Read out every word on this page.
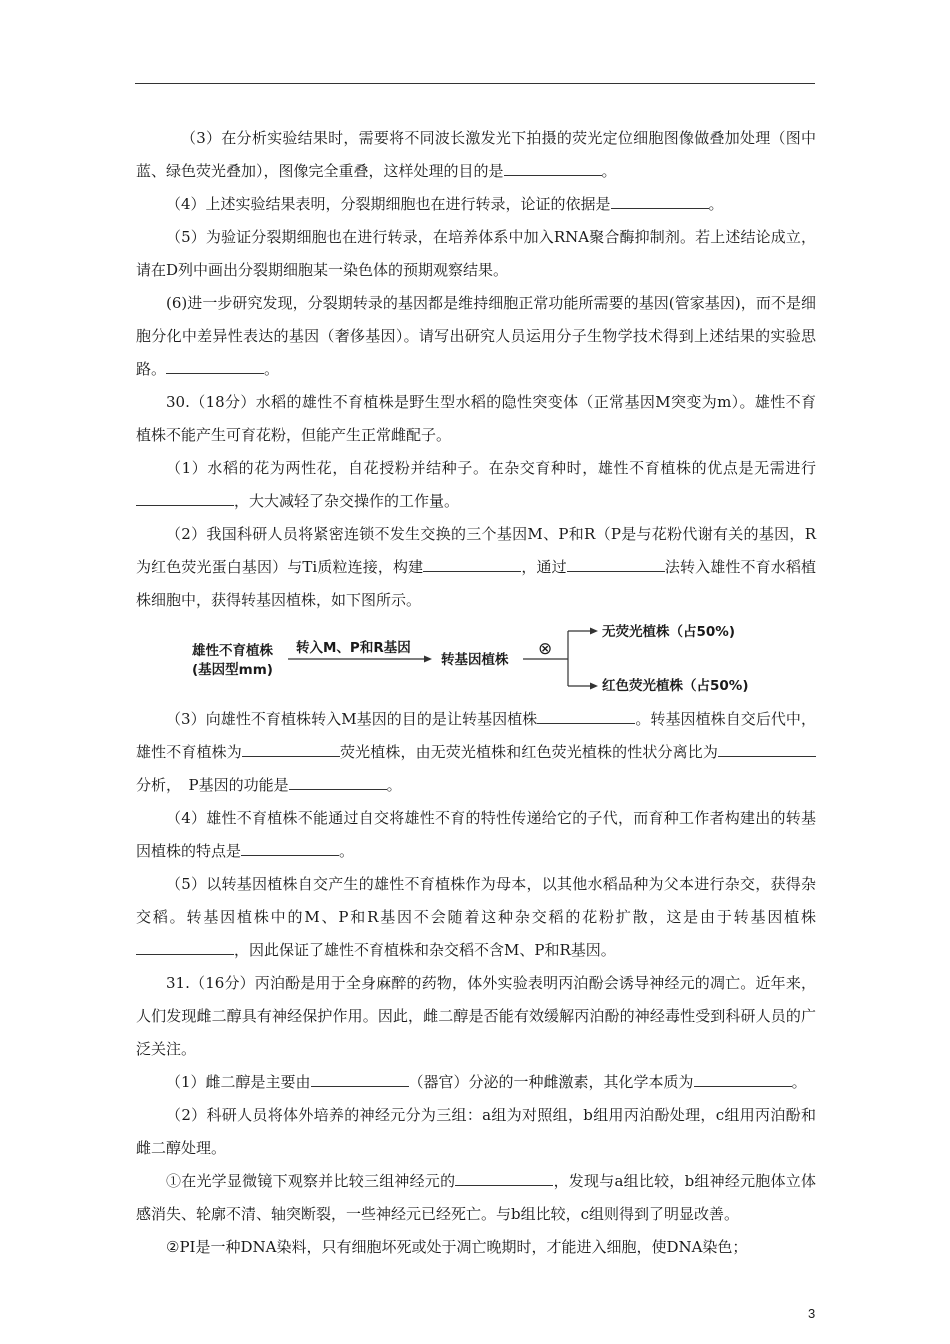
（3）在分析实验结果时，需要将不同波长激发光下拍摄的荧光定位细胞图像做叠加处理（图中蓝、绿色荧光叠加），图像完全重叠，这样处理的目的是	。

（4）上述实验结果表明，分裂期细胞也在进行转录，论证的依据是	。

（5）为验证分裂期细胞也在进行转录，在培养体系中加入RNA聚合酶抑制剂。若上述结论成立，请在D列中画出分裂期细胞某一染色体的预期观察结果。

(6)进一步研究发现，分裂期转录的基因都是维持细胞正常功能所需要的基因(管家基因)，而不是细胞分化中差异性表达的基因（奢侈基因）。请写出研究人员运用分子生物学技术得到上述结果的实验思路。	。

30.（18分）水稻的雄性不育植株是野生型水稻的隐性突变体（正常基因M突变为m）。雄性不育植株不能产生可育花粉，但能产生正常雌配子。

（1）水稻的花为两性花，自花授粉并结种子。在杂交育种时，雄性不育植株的优点是无需进行，大大减轻了杂交操作的工作量。

（2）我国科研人员将紧密连锁不发生交换的三个基因M、P和R（P是与花粉代谢有关的基因，R为红色荧光蛋白基因）与Ti质粒连接，构建	，通过	法转入雄性不育水稻植株细胞中，获得转基因植株，如下图所示。

雄性不育植株
(基因型mm)
转入M、P和R基因
转基因植株
⊗
无荧光植株（占50%)
红色荧光植株（占50%)

（3）向雄性不育植株转入M基因的目的是让转基因植株	。转基因植株自交后代中，雄性不育植株为	荧光植株，由无荧光植株和红色荧光植株的性状分离比为分析，　P基因的功能是	。

（4）雄性不育植株不能通过自交将雄性不育的特性传递给它的子代，而育种工作者构建出的转基因植株的特点是	。

（5）以转基因植株自交产生的雄性不育植株作为母本，以其他水稻品种为父本进行杂交，获得杂交稻。转基因植株中的M、P和R基因不会随着这种杂交稻的花粉扩散，这是由于转基因植株，因此保证了雄性不育植株和杂交稻不含M、P和R基因。

31.（16分）丙泊酚是用于全身麻醉的药物，体外实验表明丙泊酚会诱导神经元的凋亡。近年来，人们发现雌二醇具有神经保护作用。因此，雌二醇是否能有效缓解丙泊酚的神经毒性受到科研人员的广泛关注。

（1）雌二醇是主要由	（器官）分泌的一种雌激素，其化学本质为	。

（2）科研人员将体外培养的神经元分为三组：a组为对照组，b组用丙泊酚处理，c组用丙泊酚和雌二醇处理。

①在光学显微镜下观察并比较三组神经元的	，发现与a组比较，b组神经元胞体立体感消失、轮廓不清、轴突断裂，一些神经元已经死亡。与b组比较，c组则得到了明显改善。

②PI是一种DNA染料，只有细胞坏死或处于凋亡晚期时，才能进入细胞，使DNA染色；

3
